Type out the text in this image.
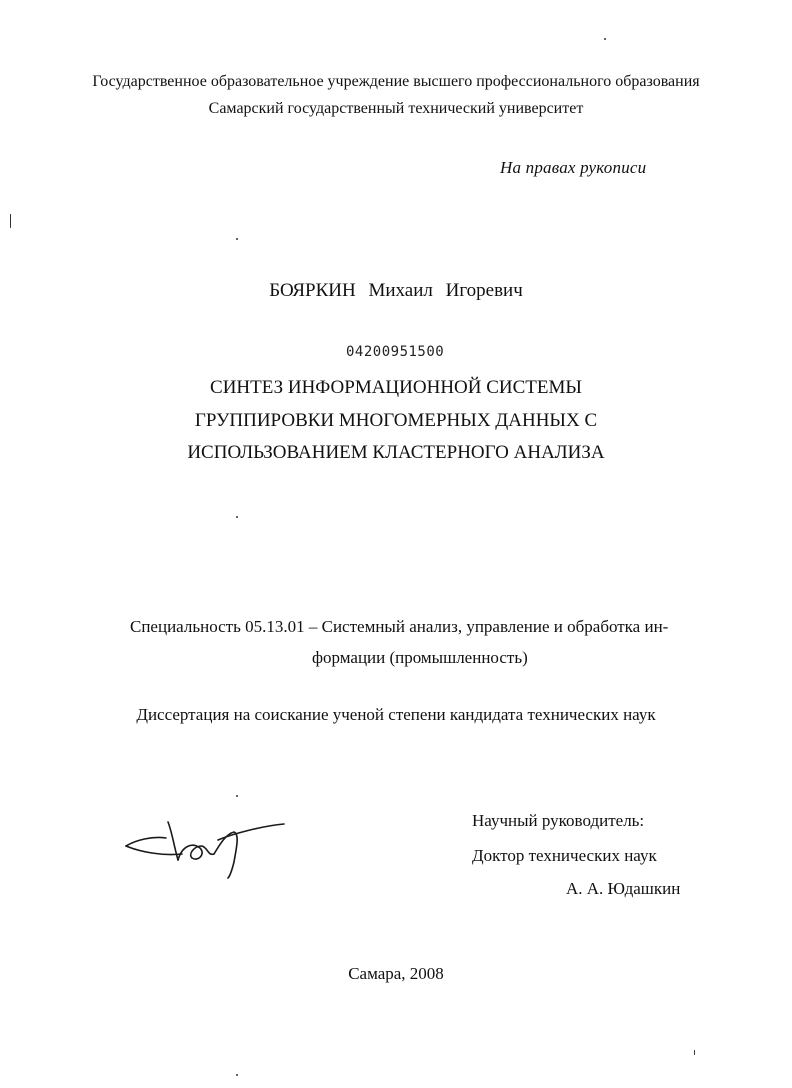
Государственное образовательное учреждение высшего профессионального образования
Самарский государственный технический университет
На правах рукописи
БОЯРКИН Михаил Игоревич
04200951500
СИНТЕЗ ИНФОРМАЦИОННОЙ СИСТЕМЫ
ГРУППИРОВКИ МНОГОМЕРНЫХ ДАННЫХ С
ИСПОЛЬЗОВАНИЕМ КЛАСТЕРНОГО АНАЛИЗА
Специальность 05.13.01 – Системный анализ, управление и обработка ин-
формации (промышленность)
Диссертация на соискание ученой степени кандидата технических наук
Научный руководитель:
Доктор технических наук
А. А. Юдашкин
Самара, 2008
